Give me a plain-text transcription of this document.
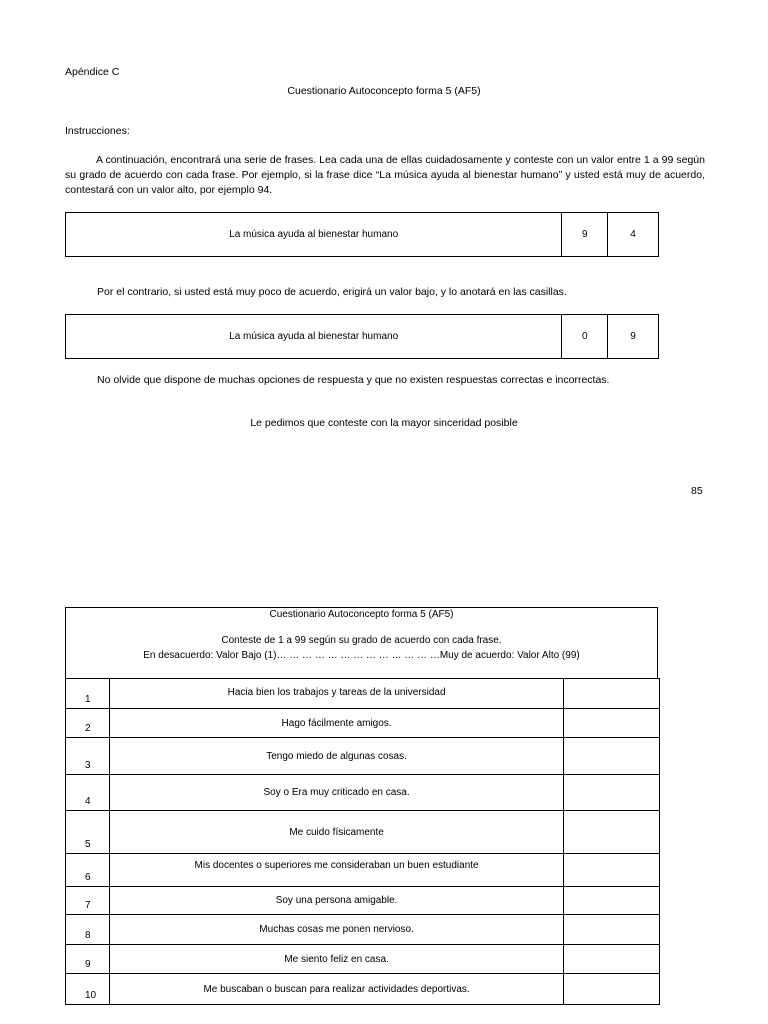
Apéndice C
Cuestionario Autoconcepto forma 5 (AF5)
Instrucciones:
A continuación, encontrará una serie de frases. Lea cada una de ellas cuidadosamente y conteste con un valor entre 1 a 99 según su grado de acuerdo con cada frase. Por ejemplo, si la frase dice “La música ayuda al bienestar humano” y usted está muy de acuerdo, contestará con un valor alto, por ejemplo 94.
La música ayuda al bienestar humano	9	4
Por el contrario, si usted está muy poco de acuerdo, erigirá un valor bajo, y lo anotará en las casillas.
La música ayuda al bienestar humano	0	9
No olvide que dispone de muchas opciones de respuesta y que no existen respuestas correctas e incorrectas.
Le pedimos que conteste con la mayor sinceridad posible
85
Cuestionario Autoconcepto forma 5 (AF5)
Conteste de 1 a 99 según su grado de acuerdo con cada frase.
En desacuerdo: Valor Bajo (1)… … … … … … … … … … … … …Muy de acuerdo: Valor Alto (99)
1	Hacia bien los trabajos y tareas de la universidad	
2	Hago fácilmente amigos.	
3	Tengo miedo de algunas cosas.	
4	Soy o Era muy criticado en casa.	
5	Me cuido físicamente	
6	Mis docentes o superiores me consideraban un buen estudiante	
7	Soy una persona amigable.	
8	Muchas cosas me ponen nervioso.	
9	Me siento feliz en casa.	
10	Me buscaban o buscan para realizar actividades deportivas.	
